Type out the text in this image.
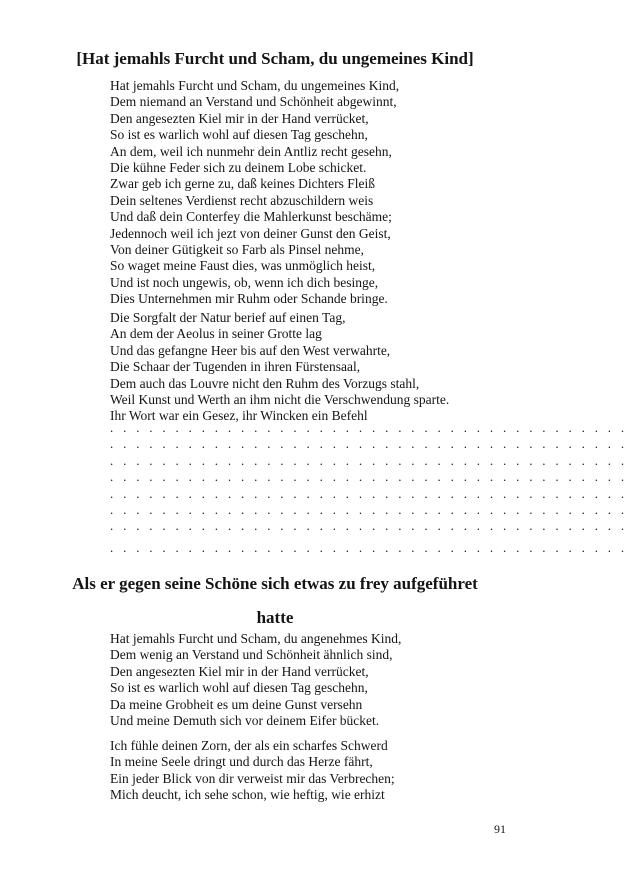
[Hat jemahls Furcht und Scham, du ungemeines Kind]
Hat jemahls Furcht und Scham, du ungemeines Kind,
Dem niemand an Verstand und Schönheit abgewinnt,
Den angesezten Kiel mir in der Hand verrücket,
So ist es warlich wohl auf diesen Tag geschehn,
An dem, weil ich nunmehr dein Antliz recht gesehn,
Die kühne Feder sich zu deinem Lobe schicket.
Zwar geb ich gerne zu, daß keines Dichters Fleiß
Dein seltenes Verdienst recht abzuschildern weis
Und daß dein Conterfey die Mahlerkunst beschäme;
Jedennoch weil ich jezt von deiner Gunst den Geist,
Von deiner Gütigkeit so Farb als Pinsel nehme,
So waget meine Faust dies, was unmöglich heist,
Und ist noch ungewis, ob, wenn ich dich besinge,
Dies Unternehmen mir Ruhm oder Schande bringe.
Die Sorgfalt der Natur berief auf einen Tag,
An dem der Aeolus in seiner Grotte lag
Und das gefangne Heer bis auf den West verwahrte,
Die Schaar der Tugenden in ihren Fürstensaal,
Dem auch das Louvre nicht den Ruhm des Vorzugs stahl,
Weil Kunst und Werth an ihm nicht die Verschwendung sparte.
Ihr Wort war ein Gesez, ihr Wincken ein Befehl
. . . . . . . . . . . . . . . . . . . . . . . . . . . . . . . . . . . . . . . .
. . . . . . . . . . . . . . . . . . . . . . . . . . . . . . . . . . . . . . . .
. . . . . . . . . . . . . . . . . . . . . . . . . . . . . . . . . . . . . . . .
. . . . . . . . . . . . . . . . . . . . . . . . . . . . . . . . . . . . . . . .
. . . . . . . . . . . . . . . . . . . . . . . . . . . . . . . . . . . . . . . .
. . . . . . . . . . . . . . . . . . . . . . . . . . . . . . . . . . . . . . . .
. . . . . . . . . . . . . . . . . . . . . . . . . . . . . . . . . . . . . . . .
. . . . . . . . . . . . . . . . . . . . . . . . . . . . . . . . . . . . . . . .
Als er gegen seine Schöne sich etwas zu frey aufgeführet
hatte
Hat jemahls Furcht und Scham, du angenehmes Kind,
Dem wenig an Verstand und Schönheit ähnlich sind,
Den angesezten Kiel mir in der Hand verrücket,
So ist es warlich wohl auf diesen Tag geschehn,
Da meine Grobheit es um deine Gunst versehn
Und meine Demuth sich vor deinem Eifer bücket.
Ich fühle deinen Zorn, der als ein scharfes Schwerd
In meine Seele dringt und durch das Herze fährt,
Ein jeder Blick von dir verweist mir das Verbrechen;
Mich deucht, ich sehe schon, wie heftig, wie erhizt
91
